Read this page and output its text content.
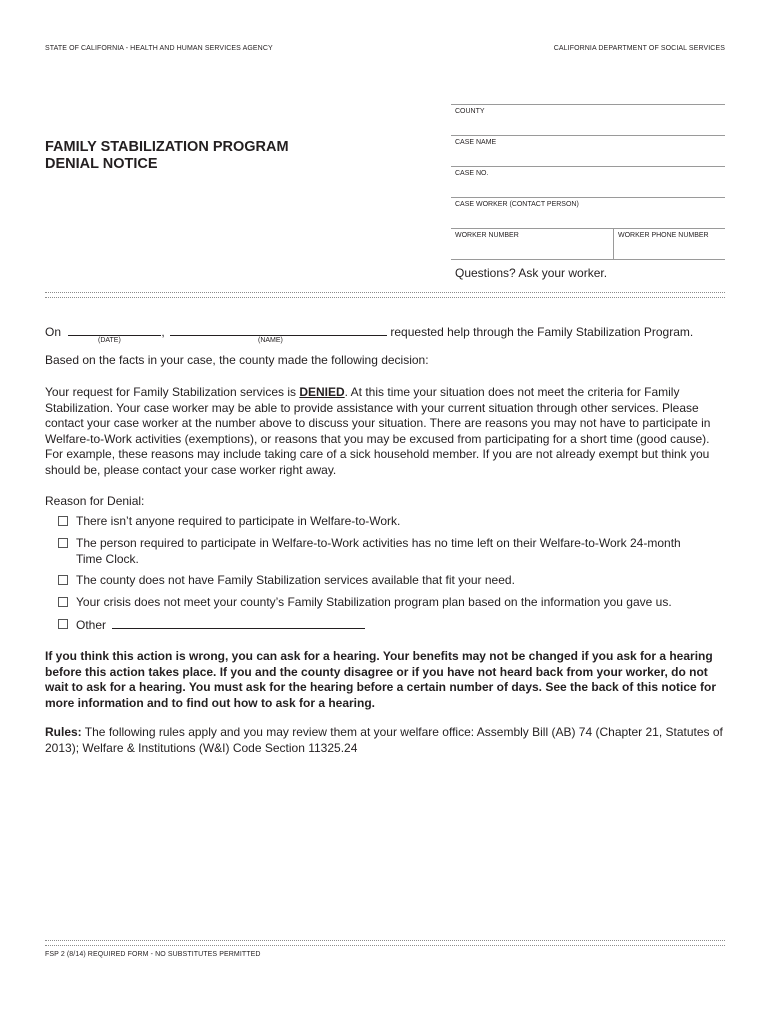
STATE OF CALIFORNIA - HEALTH AND HUMAN SERVICES AGENCY	CALIFORNIA DEPARTMENT OF SOCIAL SERVICES
FAMILY STABILIZATION PROGRAM
DENIAL NOTICE
COUNTY
CASE NAME
CASE NO.
CASE WORKER (CONTACT PERSON)
WORKER NUMBER	WORKER PHONE NUMBER
Questions? Ask your worker.
On	,	requested help through the Family Stabilization Program.
(DATE)	(NAME)
Based on the facts in your case, the county made the following decision:
Your request for Family Stabilization services is DENIED. At this time your situation does not meet the criteria for Family Stabilization. Your case worker may be able to provide assistance with your current situation through other services. Please contact your case worker at the number above to discuss your situation. There are reasons you may not have to participate in Welfare-to-Work activities (exemptions), or reasons that you may be excused from participating for a short time (good cause). For example, these reasons may include taking care of a sick household member. If you are not already exempt but think you should be, please contact your case worker right away.
Reason for Denial:
There isn’t anyone required to participate in Welfare-to-Work.
The person required to participate in Welfare-to-Work activities has no time left on their Welfare-to-Work 24-month
Time Clock.
The county does not have Family Stabilization services available that fit your need.
Your crisis does not meet your county’s Family Stabilization program plan based on the information you gave us.
Other
If you think this action is wrong, you can ask for a hearing. Your benefits may not be changed if you ask for a hearing before this action takes place. If you and the county disagree or if you have not heard back from your worker, do not wait to ask for a hearing. You must ask for the hearing before a certain number of days. See the back of this notice for more information and to find out how to ask for a hearing.
Rules: The following rules apply and you may review them at your welfare office: Assembly Bill (AB) 74 (Chapter 21, Statutes of 2013); Welfare & Institutions (W&I) Code Section 11325.24
FSP 2 (8/14) REQUIRED FORM - NO SUBSTITUTES PERMITTED
